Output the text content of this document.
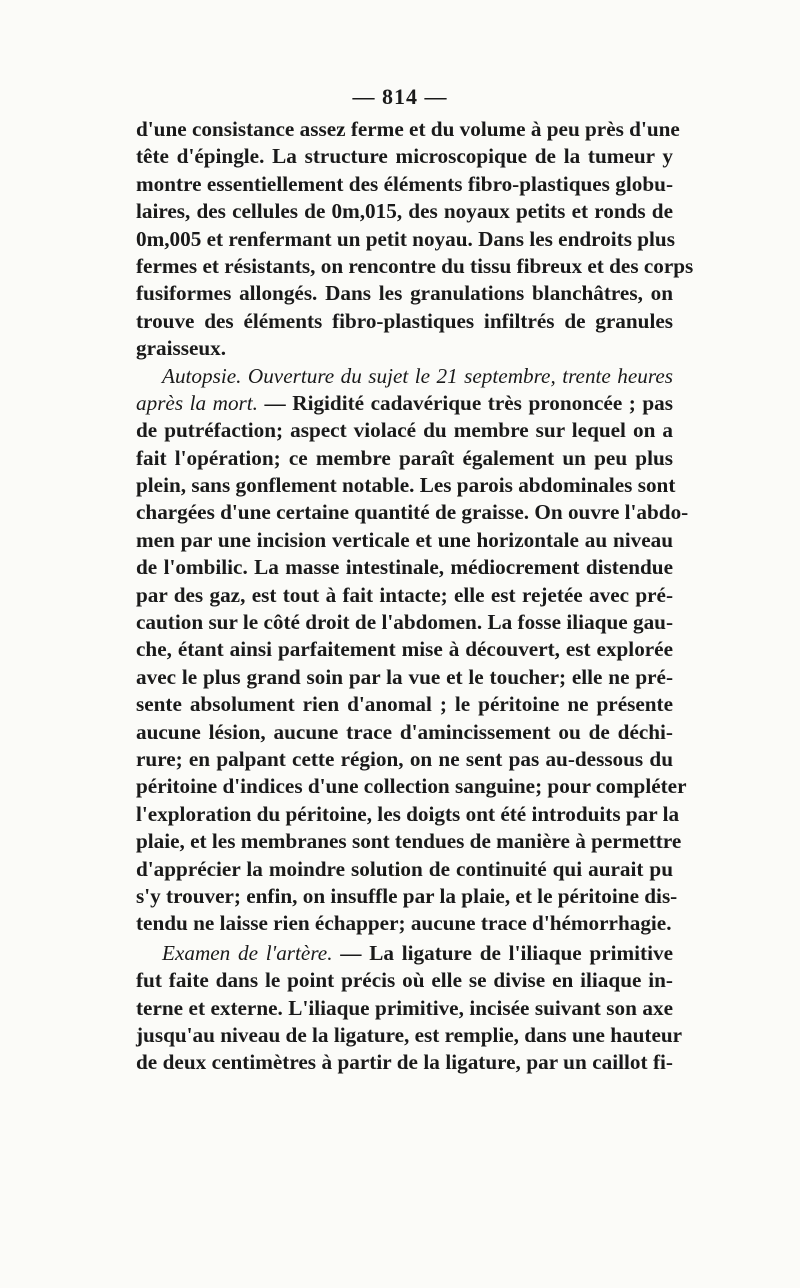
— 814 —
d'une consistance assez ferme et du volume à peu près d'une
tête d'épingle. La structure microscopique de la tumeur y
montre essentiellement des éléments fibro-plastiques globu-
laires, des cellules de 0m,015, des noyaux petits et ronds de
0m,005 et renfermant un petit noyau. Dans les endroits plus
fermes et résistants, on rencontre du tissu fibreux et des corps
fusiformes allongés. Dans les granulations blanchâtres, on
trouve des éléments fibro-plastiques infiltrés de granules
graisseux.
Autopsie. Ouverture du sujet le 21 septembre, trente heures
après la mort. — Rigidité cadavérique très prononcée ; pas
de putréfaction; aspect violacé du membre sur lequel on a
fait l'opération; ce membre paraît également un peu plus
plein, sans gonflement notable. Les parois abdominales sont
chargées d'une certaine quantité de graisse. On ouvre l'abdo-
men par une incision verticale et une horizontale au niveau
de l'ombilic. La masse intestinale, médiocrement distendue
par des gaz, est tout à fait intacte; elle est rejetée avec pré-
caution sur le côté droit de l'abdomen. La fosse iliaque gau-
che, étant ainsi parfaitement mise à découvert, est explorée
avec le plus grand soin par la vue et le toucher; elle ne pré-
sente absolument rien d'anomal ; le péritoine ne présente
aucune lésion, aucune trace d'amincissement ou de déchi-
rure; en palpant cette région, on ne sent pas au-dessous du
péritoine d'indices d'une collection sanguine; pour compléter
l'exploration du péritoine, les doigts ont été introduits par la
plaie, et les membranes sont tendues de manière à permettre
d'apprécier la moindre solution de continuité qui aurait pu
s'y trouver; enfin, on insuffle par la plaie, et le péritoine dis-
tendu ne laisse rien échapper; aucune trace d'hémorrhagie.
Examen de l'artère. — La ligature de l'iliaque primitive
fut faite dans le point précis où elle se divise en iliaque in-
terne et externe. L'iliaque primitive, incisée suivant son axe
jusqu'au niveau de la ligature, est remplie, dans une hauteur
de deux centimètres à partir de la ligature, par un caillot fi-
